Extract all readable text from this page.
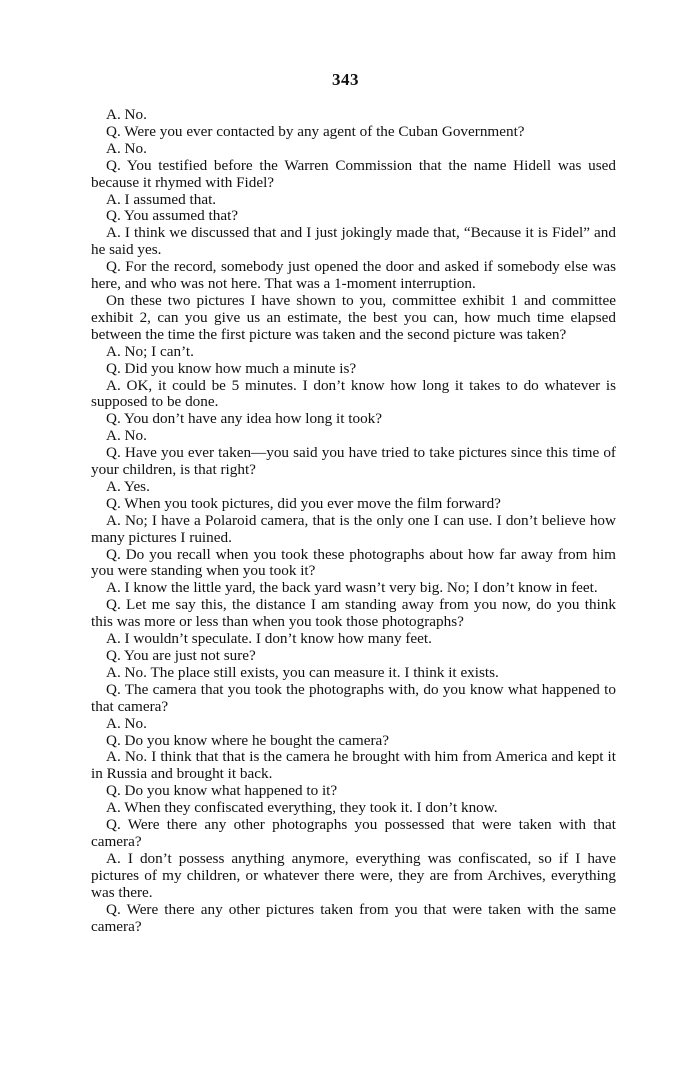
343

A. No.

Q. Were you ever contacted by any agent of the Cuban Government?

A. No.

Q. You testified before the Warren Commission that the name Hidell was used because it rhymed with Fidel?

A. I assumed that.

Q. You assumed that?

A. I think we discussed that and I just jokingly made that, “Because it is Fidel” and he said yes.

Q. For the record, somebody just opened the door and asked if somebody else was here, and who was not here. That was a 1-moment interruption.

On these two pictures I have shown to you, committee exhibit 1 and committee exhibit 2, can you give us an estimate, the best you can, how much time elapsed between the time the first picture was taken and the second picture was taken?

A. No; I can’t.

Q. Did you know how much a minute is?

A. OK, it could be 5 minutes. I don’t know how long it takes to do whatever is supposed to be done.

Q. You don’t have any idea how long it took?

A. No.

Q. Have you ever taken—you said you have tried to take pictures since this time of your children, is that right?

A. Yes.

Q. When you took pictures, did you ever move the film forward?

A. No; I have a Polaroid camera, that is the only one I can use. I don’t believe how many pictures I ruined.

Q. Do you recall when you took these photographs about how far away from him you were standing when you took it?

A. I know the little yard, the back yard wasn’t very big. No; I don’t know in feet.

Q. Let me say this, the distance I am standing away from you now, do you think this was more or less than when you took those photographs?

A. I wouldn’t speculate. I don’t know how many feet.

Q. You are just not sure?

A. No. The place still exists, you can measure it. I think it exists.

Q. The camera that you took the photographs with, do you know what happened to that camera?

A. No.

Q. Do you know where he bought the camera?

A. No. I think that that is the camera he brought with him from America and kept it in Russia and brought it back.

Q. Do you know what happened to it?

A. When they confiscated everything, they took it. I don’t know.

Q. Were there any other photographs you possessed that were taken with that camera?

A. I don’t possess anything anymore, everything was confiscated, so if I have pictures of my children, or whatever there were, they are from Archives, everything was there.

Q. Were there any other pictures taken from you that were taken with the same camera?
